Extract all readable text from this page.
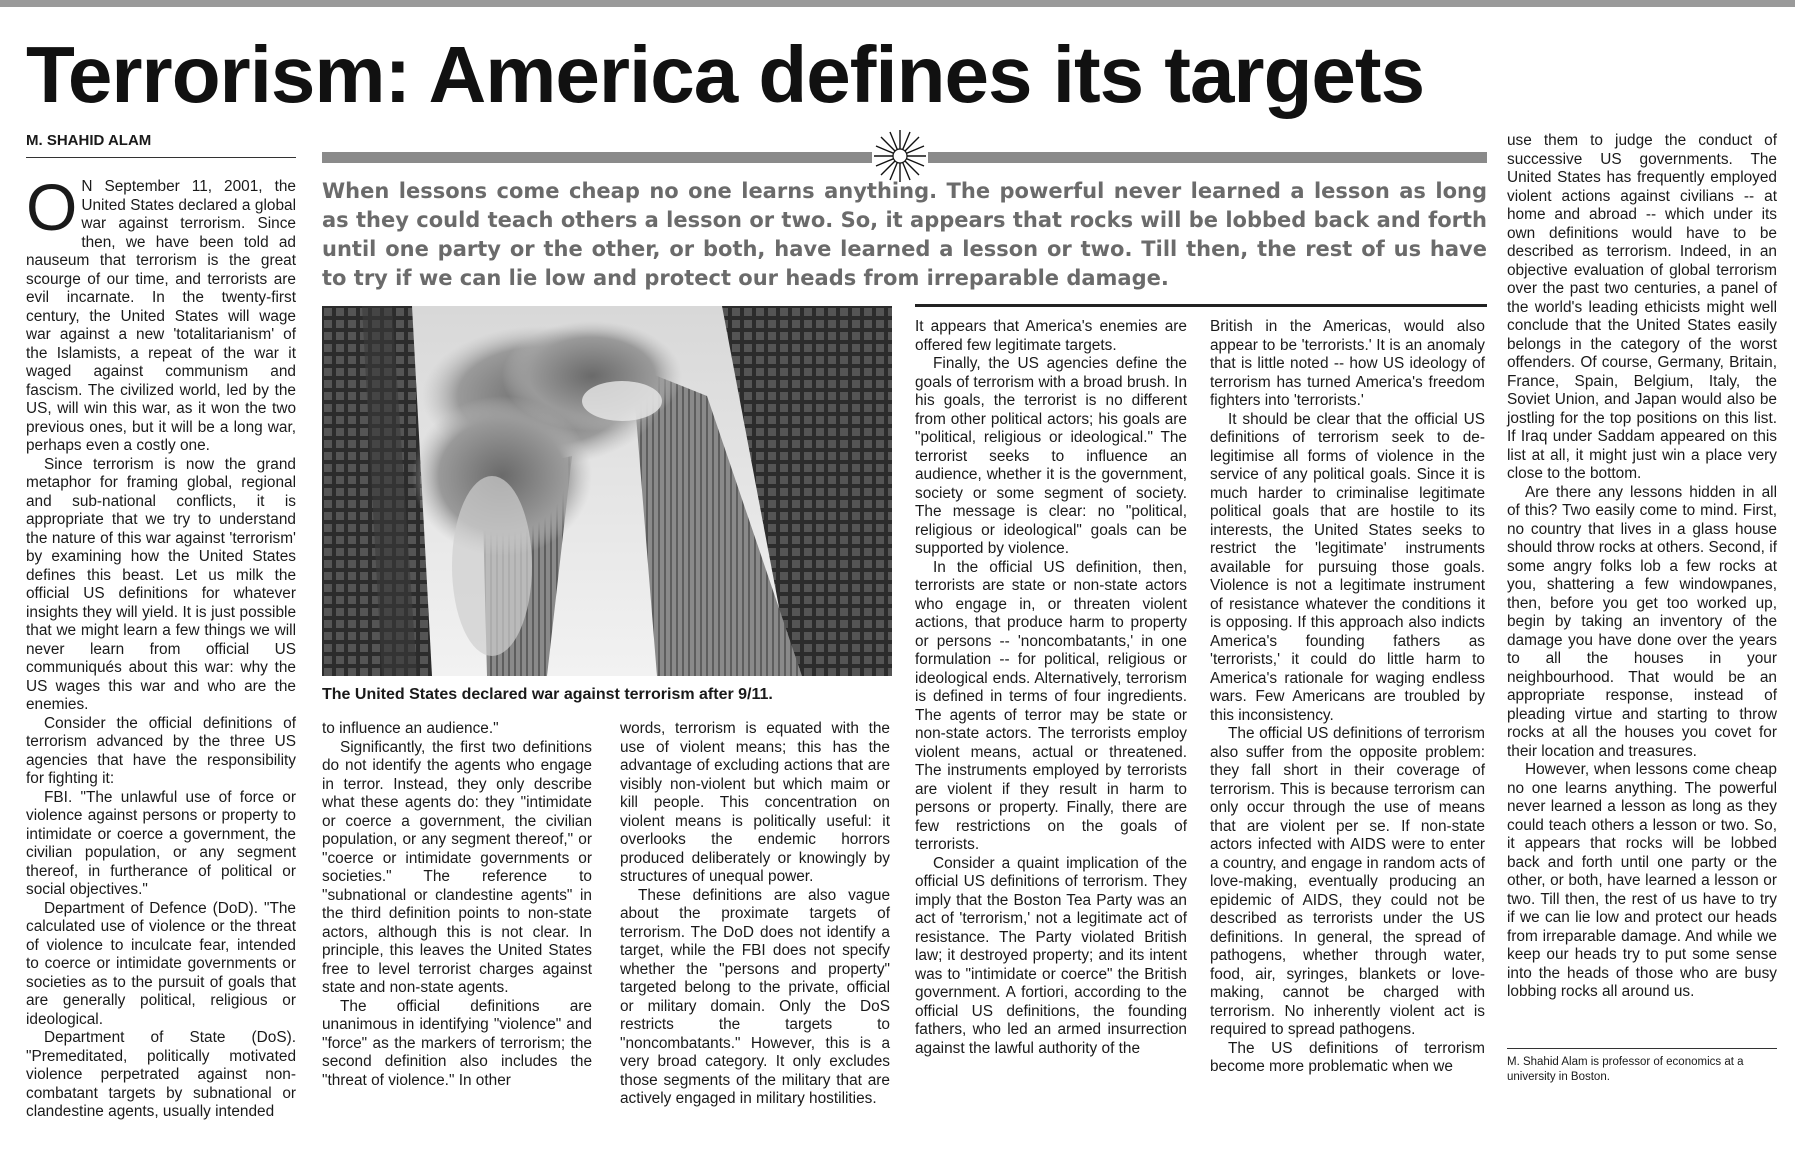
Terrorism: America defines its targets
M. SHAHID ALAM

O N September 11, 2001, the United States declared a global war against terrorism. Since then, we have been told ad nauseum that terrorism is the great scourge of our time, and terrorists are evil incarnate. In the twenty-first century, the United States will wage war against a new 'totalitarianism' of the Islamists, a repeat of the war it waged against communism and fascism. The civilized world, led by the US, will win this war, as it won the two previous ones, but it will be a long war, perhaps even a costly one.

Since terrorism is now the grand metaphor for framing global, regional and sub-national conflicts, it is appropriate that we try to understand the nature of this war against 'terrorism' by examining how the United States defines this beast. Let us milk the official US definitions for whatever insights they will yield. It is just possible that we might learn a few things we will never learn from official US communiqués about this war: why the US wages this war and who are the enemies.

Consider the official definitions of terrorism advanced by the three US agencies that have the responsibility for fighting it:

FBI. "The unlawful use of force or violence against persons or property to intimidate or coerce a government, the civilian population, or any segment thereof, in furtherance of political or social objectives."

Department of Defence (DoD). "The calculated use of violence or the threat of violence to inculcate fear, intended to coerce or intimidate governments or societies as to the pursuit of goals that are generally political, religious or ideological.

Department of State (DoS). "Premeditated, politically motivated violence perpetrated against non-combatant targets by subnational or clandestine agents, usually intended

When lessons come cheap no one learns anything. The powerful never learned a lesson as long as they could teach others a lesson or two. So, it appears that rocks will be lobbed back and forth until one party or the other, or both, have learned a lesson or two. Till then, the rest of us have to try if we can lie low and protect our heads from irreparable damage.
The United States declared war against terrorism after 9/11.

to influence an audience."

Significantly, the first two definitions do not identify the agents who engage in terror. Instead, they only describe what these agents do: they "intimidate or coerce a government, the civilian population, or any segment thereof," or "coerce or intimidate governments or societies." The reference to "subnational or clandestine agents" in the third definition points to non-state actors, although this is not clear. In principle, this leaves the United States free to level terrorist charges against state and non-state agents.

The official definitions are unanimous in identifying "violence" and "force" as the markers of terrorism; the second definition also includes the "threat of violence." In other

words, terrorism is equated with the use of violent means; this has the advantage of excluding actions that are visibly non-violent but which maim or kill people. This concentration on violent means is politically useful: it overlooks the endemic horrors produced deliberately or knowingly by structures of unequal power.

These definitions are also vague about the proximate targets of terrorism. The DoD does not identify a target, while the FBI does not specify whether the "persons and property" targeted belong to the private, official or military domain. Only the DoS restricts the targets to "noncombatants." However, this is a very broad category. It only excludes those segments of the military that are actively engaged in military hostilities.

It appears that America's enemies are offered few legitimate targets.

Finally, the US agencies define the goals of terrorism with a broad brush. In his goals, the terrorist is no different from other political actors; his goals are "political, religious or ideological." The terrorist seeks to influence an audience, whether it is the government, society or some segment of society. The message is clear: no "political, religious or ideological" goals can be supported by violence.

In the official US definition, then, terrorists are state or non-state actors who engage in, or threaten violent actions, that produce harm to property or persons -- 'noncombatants,' in one formulation -- for political, religious or ideological ends. Alternatively, terrorism is defined in terms of four ingredients. The agents of terror may be state or non-state actors. The terrorists employ violent means, actual or threatened. The instruments employed by terrorists are violent if they result in harm to persons or property. Finally, there are few restrictions on the goals of terrorists.

Consider a quaint implication of the official US definitions of terrorism. They imply that the Boston Tea Party was an act of 'terrorism,' not a legitimate act of resistance. The Party violated British law; it destroyed property; and its intent was to "intimidate or coerce" the British government. A fortiori, according to the official US definitions, the founding fathers, who led an armed insurrection against the lawful authority of the

British in the Americas, would also appear to be 'terrorists.' It is an anomaly that is little noted -- how US ideology of terrorism has turned America's freedom fighters into 'terrorists.'

It should be clear that the official US definitions of terrorism seek to de-legitimise all forms of violence in the service of any political goals. Since it is much harder to criminalise legitimate political goals that are hostile to its interests, the United States seeks to restrict the 'legitimate' instruments available for pursuing those goals. Violence is not a legitimate instrument of resistance whatever the conditions it is opposing. If this approach also indicts America's founding fathers as 'terrorists,' it could do little harm to America's rationale for waging endless wars. Few Americans are troubled by this inconsistency.

The official US definitions of terrorism also suffer from the opposite problem: they fall short in their coverage of terrorism. This is because terrorism can only occur through the use of means that are violent per se. If non-state actors infected with AIDS were to enter a country, and engage in random acts of love-making, eventually producing an epidemic of AIDS, they could not be described as terrorists under the US definitions. In general, the spread of pathogens, whether through water, food, air, syringes, blankets or love-making, cannot be charged with terrorism. No inherently violent act is required to spread pathogens.

The US definitions of terrorism become more problematic when we

use them to judge the conduct of successive US governments. The United States has frequently employed violent actions against civilians -- at home and abroad -- which under its own definitions would have to be described as terrorism. Indeed, in an objective evaluation of global terrorism over the past two centuries, a panel of the world's leading ethicists might well conclude that the United States easily belongs in the category of the worst offenders. Of course, Germany, Britain, France, Spain, Belgium, Italy, the Soviet Union, and Japan would also be jostling for the top positions on this list. If Iraq under Saddam appeared on this list at all, it might just win a place very close to the bottom.

Are there any lessons hidden in all of this? Two easily come to mind. First, no country that lives in a glass house should throw rocks at others. Second, if some angry folks lob a few rocks at you, shattering a few windowpanes, then, before you get too worked up, begin by taking an inventory of the damage you have done over the years to all the houses in your neighbourhood. That would be an appropriate response, instead of pleading virtue and starting to throw rocks at all the houses you covet for their location and treasures.

However, when lessons come cheap no one learns anything. The powerful never learned a lesson as long as they could teach others a lesson or two. So, it appears that rocks will be lobbed back and forth until one party or the other, or both, have learned a lesson or two. Till then, the rest of us have to try if we can lie low and protect our heads from irreparable damage. And while we keep our heads try to put some sense into the heads of those who are busy lobbing rocks all around us.

M. Shahid Alam is professor of economics at a university in Boston.
